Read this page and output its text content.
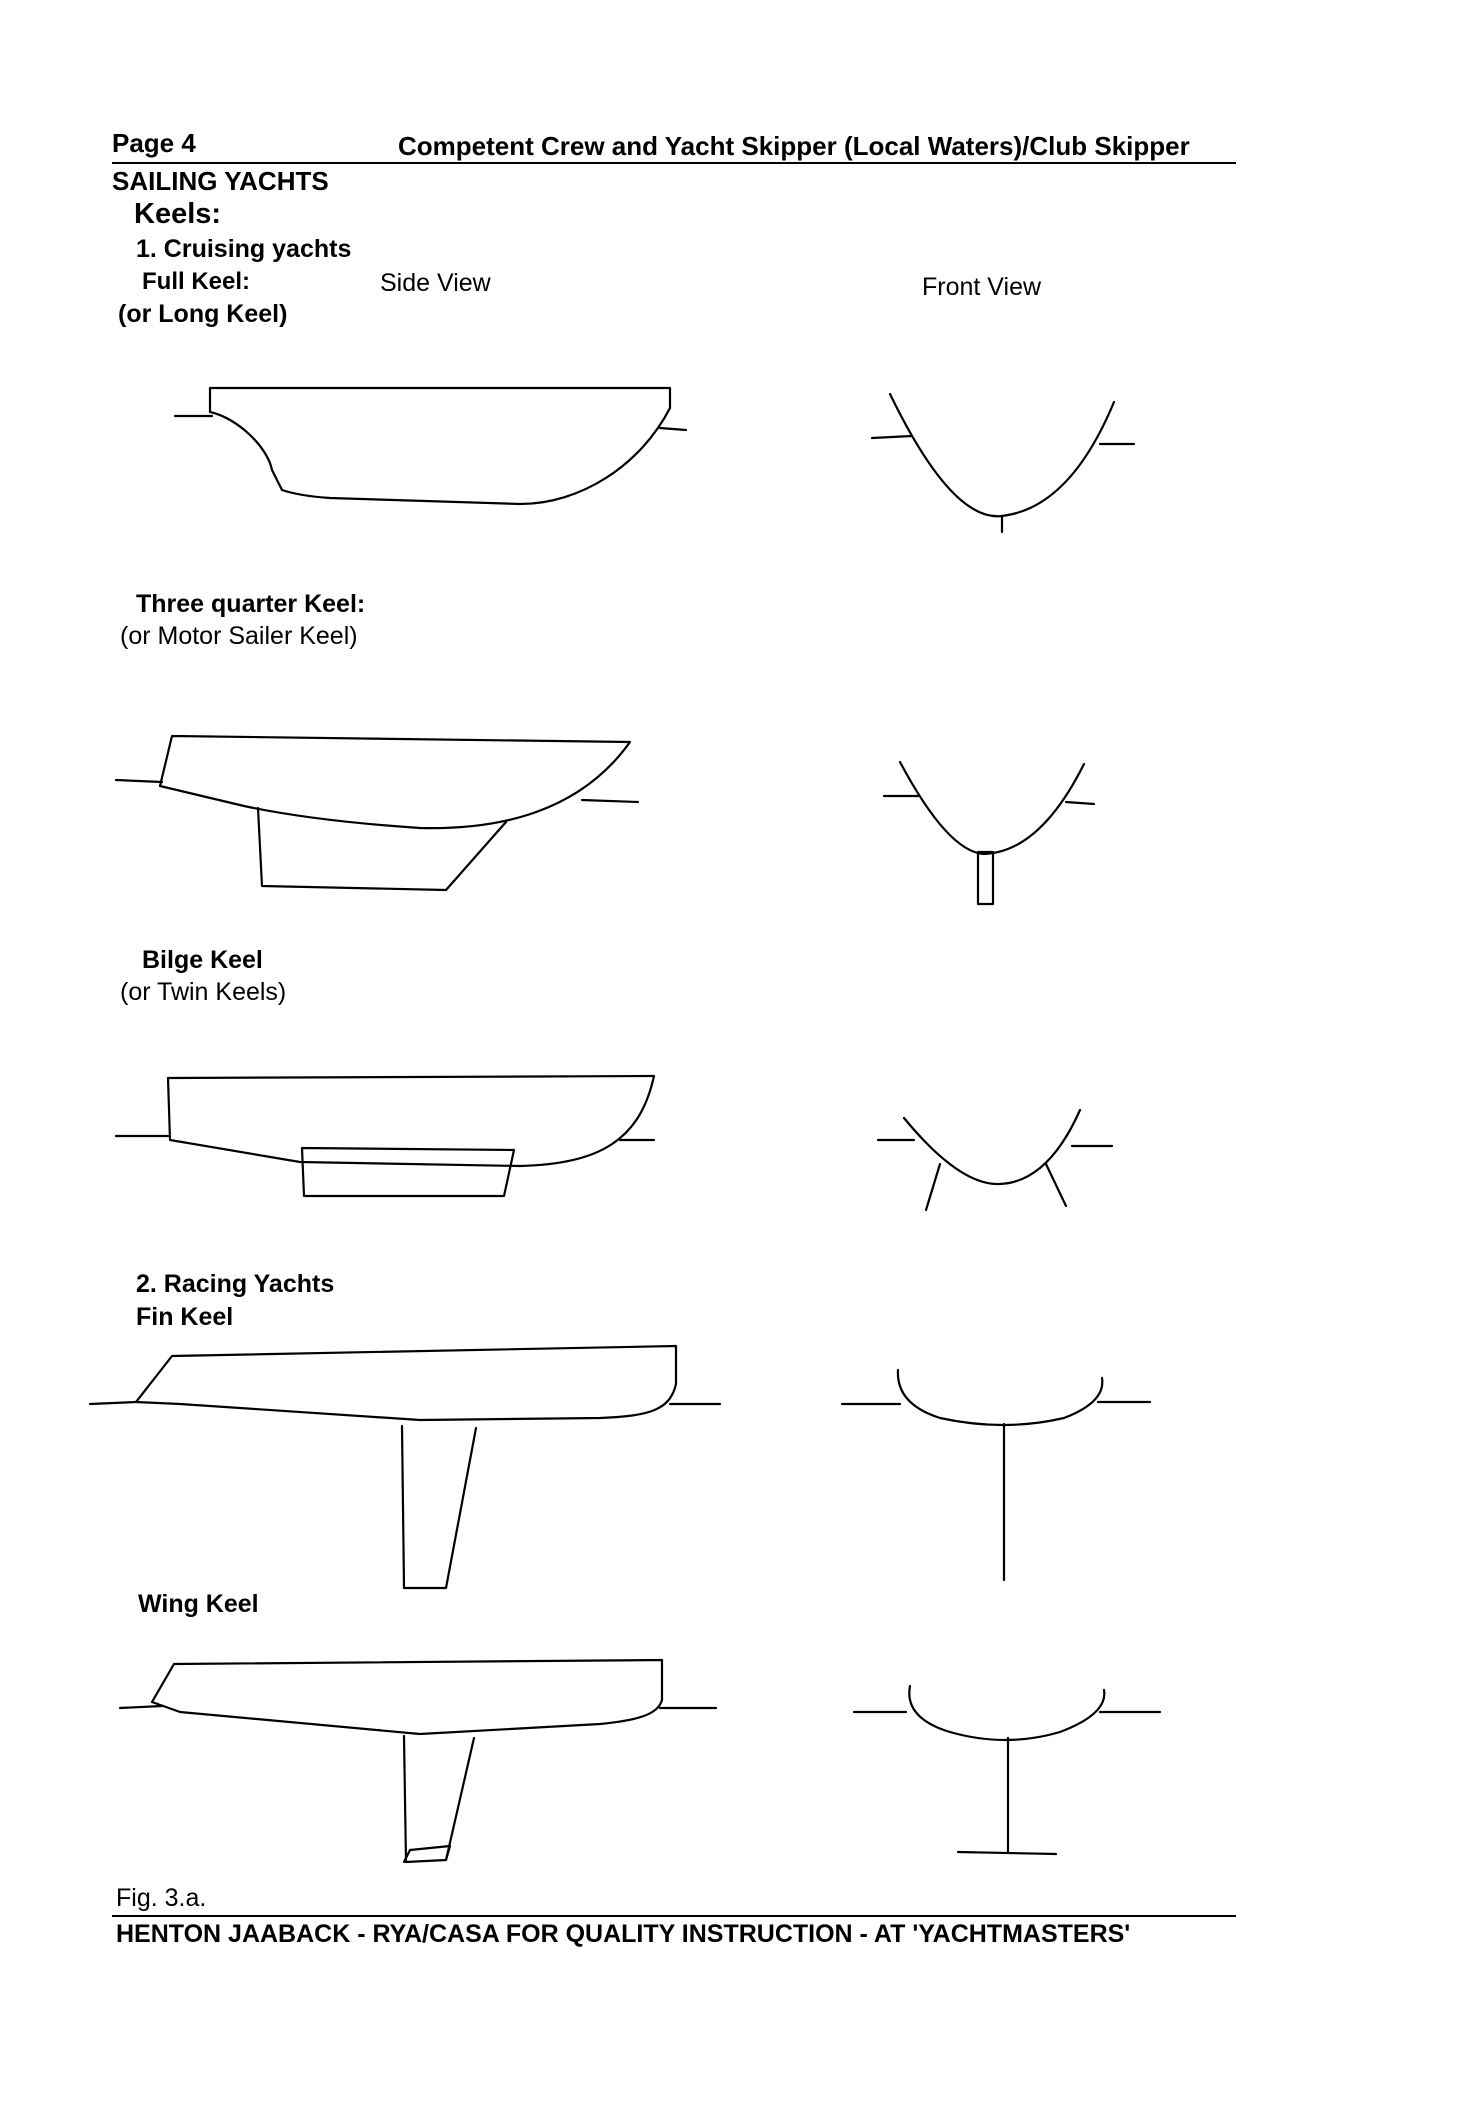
Page 4	Competent Crew and Yacht Skipper (Local Waters)/Club Skipper
SAILING YACHTS
Keels:
1. Cruising yachts
Full Keel:
(or Long Keel)
Side View	Front View
Three quarter Keel:
(or Motor Sailer Keel)
Bilge Keel
(or Twin Keels)
2. Racing Yachts
Fin Keel
Wing Keel
Fig. 3.a.
HENTON JAABACK - RYA/CASA FOR QUALITY INSTRUCTION - AT 'YACHTMASTERS'
